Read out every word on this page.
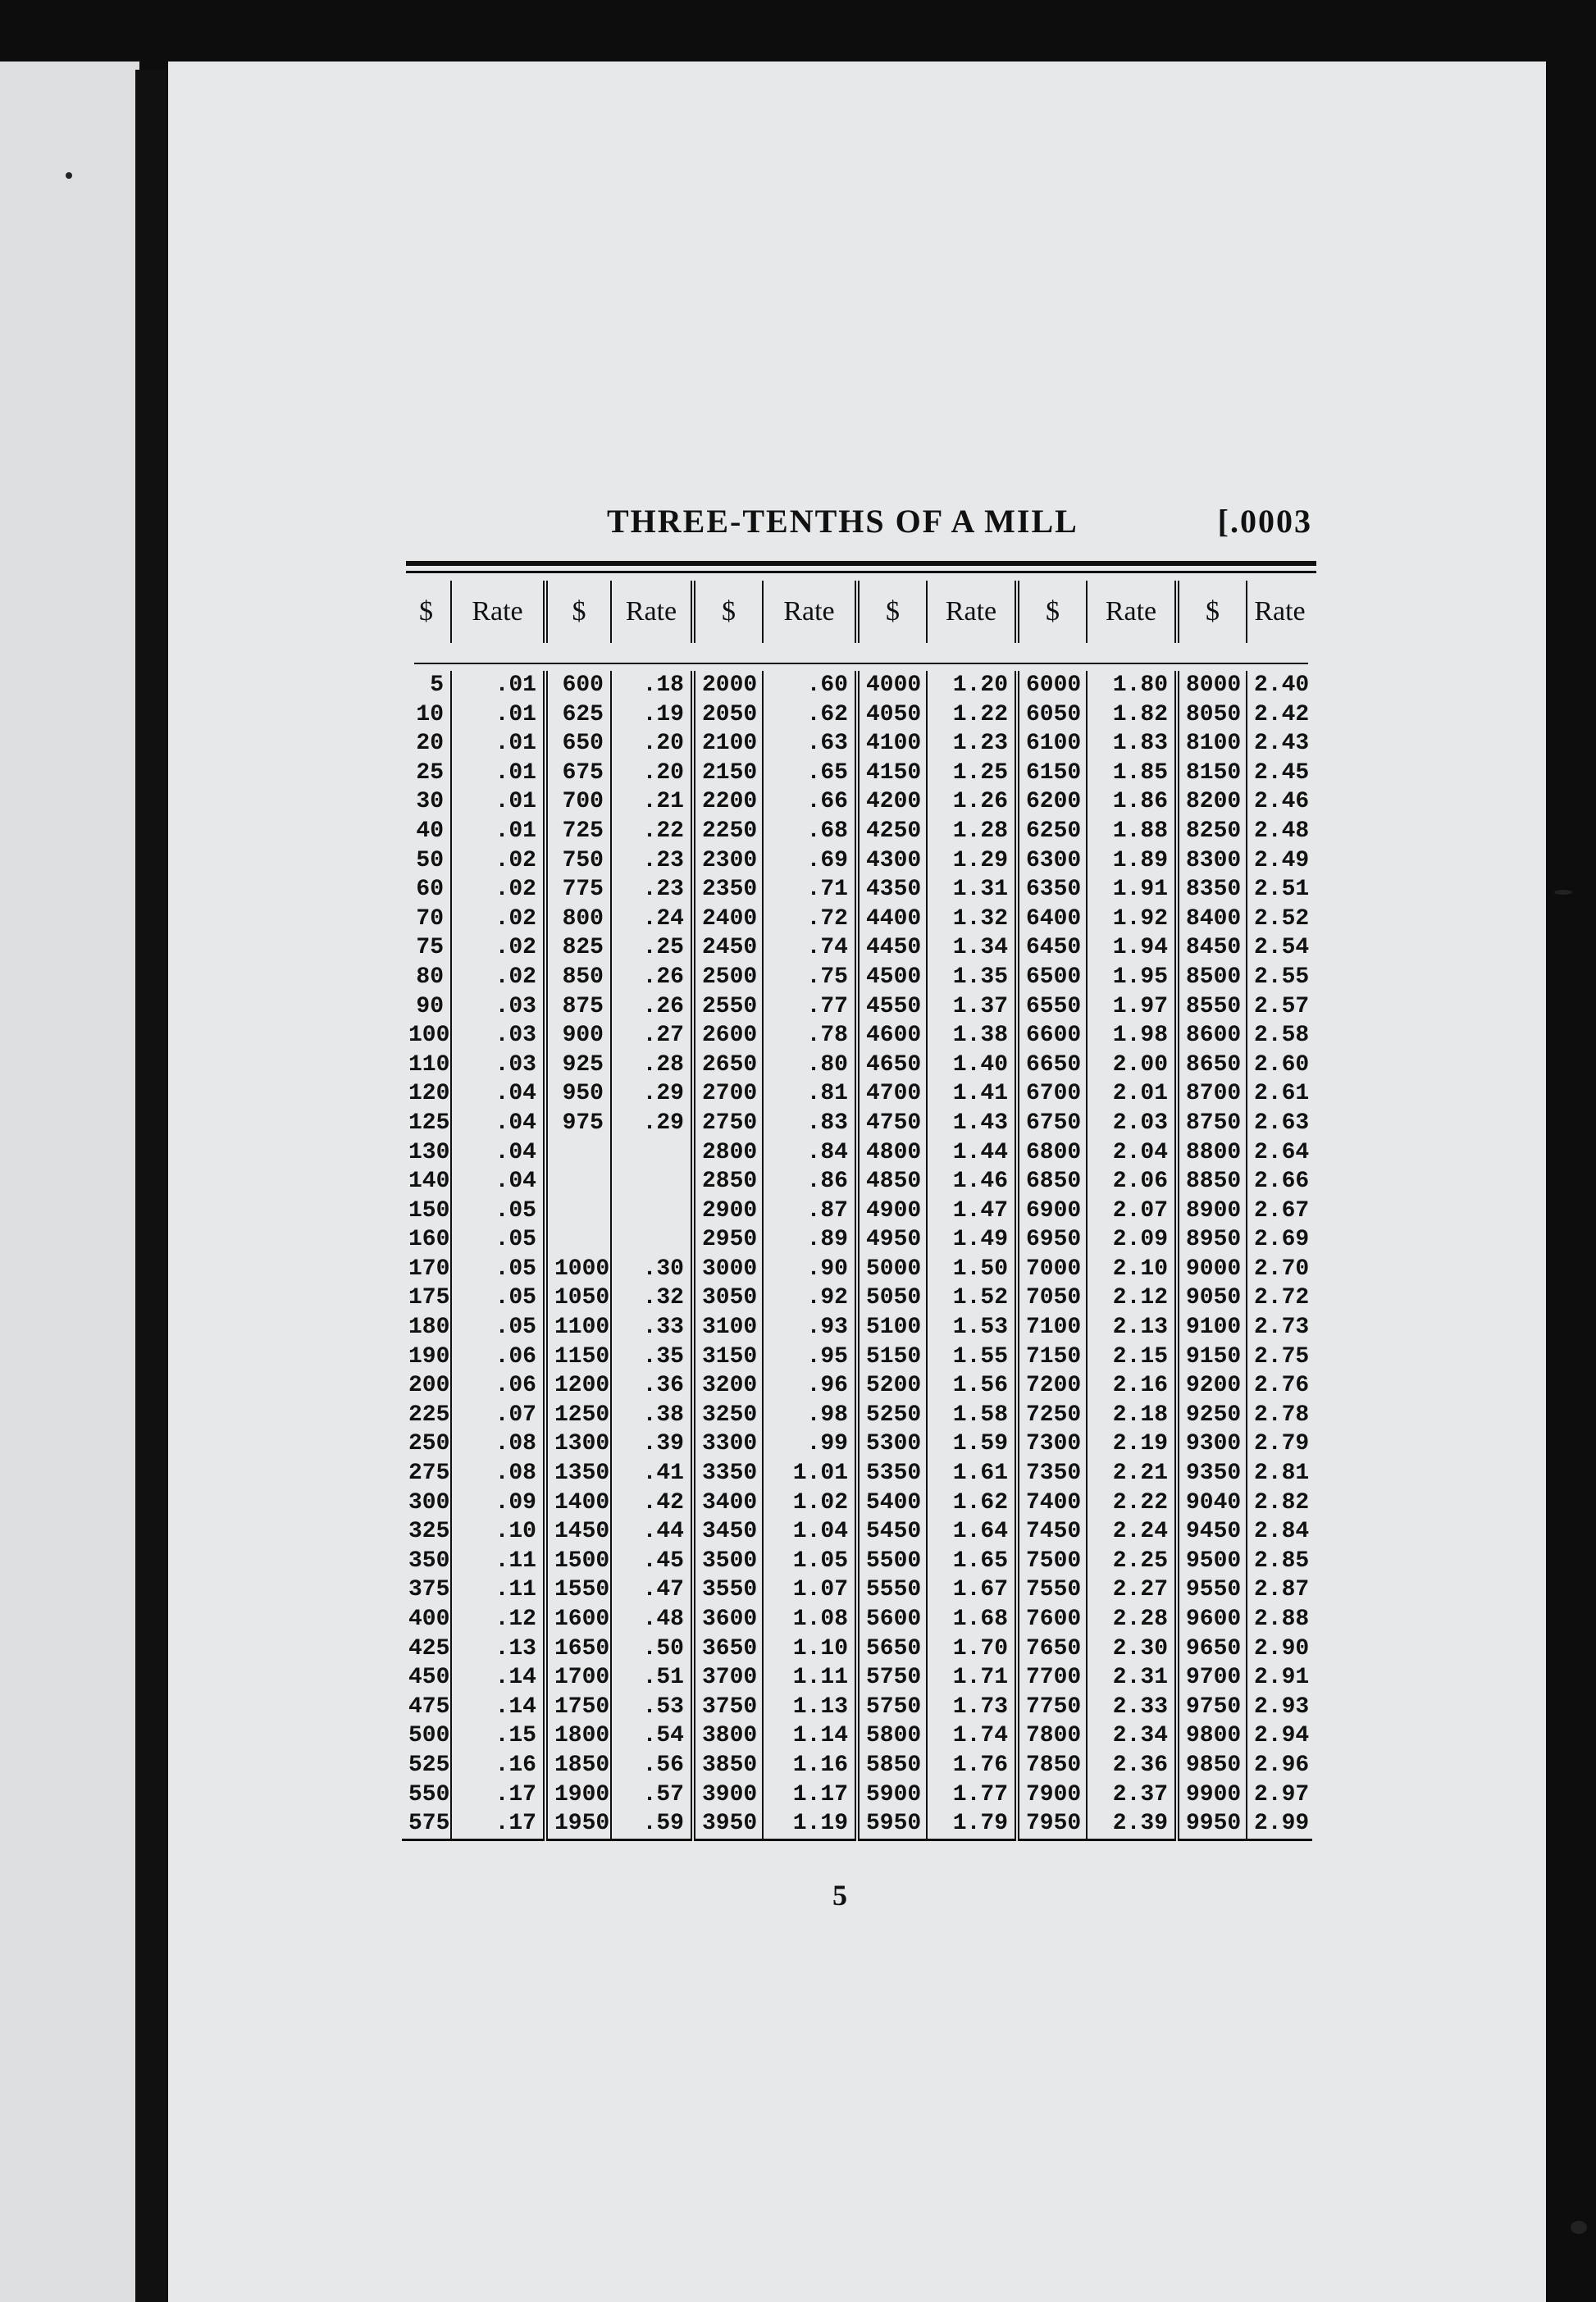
THREE-TENTHS OF A MILL	[.0003
$	Rate	$	Rate	$	Rate	$	Rate	$	Rate	$	Rate
5	.01	600	.18	2000	.60	4000	1.20	6000	1.80	8000	2.40
10	.01	625	.19	2050	.62	4050	1.22	6050	1.82	8050	2.42
20	.01	650	.20	2100	.63	4100	1.23	6100	1.83	8100	2.43
25	.01	675	.20	2150	.65	4150	1.25	6150	1.85	8150	2.45
30	.01	700	.21	2200	.66	4200	1.26	6200	1.86	8200	2.46
40	.01	725	.22	2250	.68	4250	1.28	6250	1.88	8250	2.48
50	.02	750	.23	2300	.69	4300	1.29	6300	1.89	8300	2.49
60	.02	775	.23	2350	.71	4350	1.31	6350	1.91	8350	2.51
70	.02	800	.24	2400	.72	4400	1.32	6400	1.92	8400	2.52
75	.02	825	.25	2450	.74	4450	1.34	6450	1.94	8450	2.54
80	.02	850	.26	2500	.75	4500	1.35	6500	1.95	8500	2.55
90	.03	875	.26	2550	.77	4550	1.37	6550	1.97	8550	2.57
100	.03	900	.27	2600	.78	4600	1.38	6600	1.98	8600	2.58
110	.03	925	.28	2650	.80	4650	1.40	6650	2.00	8650	2.60
120	.04	950	.29	2700	.81	4700	1.41	6700	2.01	8700	2.61
125	.04	975	.29	2750	.83	4750	1.43	6750	2.03	8750	2.63
130	.04			2800	.84	4800	1.44	6800	2.04	8800	2.64
140	.04			2850	.86	4850	1.46	6850	2.06	8850	2.66
150	.05			2900	.87	4900	1.47	6900	2.07	8900	2.67
160	.05			2950	.89	4950	1.49	6950	2.09	8950	2.69
170	.05	1000	.30	3000	.90	5000	1.50	7000	2.10	9000	2.70
175	.05	1050	.32	3050	.92	5050	1.52	7050	2.12	9050	2.72
180	.05	1100	.33	3100	.93	5100	1.53	7100	2.13	9100	2.73
190	.06	1150	.35	3150	.95	5150	1.55	7150	2.15	9150	2.75
200	.06	1200	.36	3200	.96	5200	1.56	7200	2.16	9200	2.76
225	.07	1250	.38	3250	.98	5250	1.58	7250	2.18	9250	2.78
250	.08	1300	.39	3300	.99	5300	1.59	7300	2.19	9300	2.79
275	.08	1350	.41	3350	1.01	5350	1.61	7350	2.21	9350	2.81
300	.09	1400	.42	3400	1.02	5400	1.62	7400	2.22	9040	2.82
325	.10	1450	.44	3450	1.04	5450	1.64	7450	2.24	9450	2.84
350	.11	1500	.45	3500	1.05	5500	1.65	7500	2.25	9500	2.85
375	.11	1550	.47	3550	1.07	5550	1.67	7550	2.27	9550	2.87
400	.12	1600	.48	3600	1.08	5600	1.68	7600	2.28	9600	2.88
425	.13	1650	.50	3650	1.10	5650	1.70	7650	2.30	9650	2.90
450	.14	1700	.51	3700	1.11	5750	1.71	7700	2.31	9700	2.91
475	.14	1750	.53	3750	1.13	5750	1.73	7750	2.33	9750	2.93
500	.15	1800	.54	3800	1.14	5800	1.74	7800	2.34	9800	2.94
525	.16	1850	.56	3850	1.16	5850	1.76	7850	2.36	9850	2.96
550	.17	1900	.57	3900	1.17	5900	1.77	7900	2.37	9900	2.97
575	.17	1950	.59	3950	1.19	5950	1.79	7950	2.39	9950	2.99
5
